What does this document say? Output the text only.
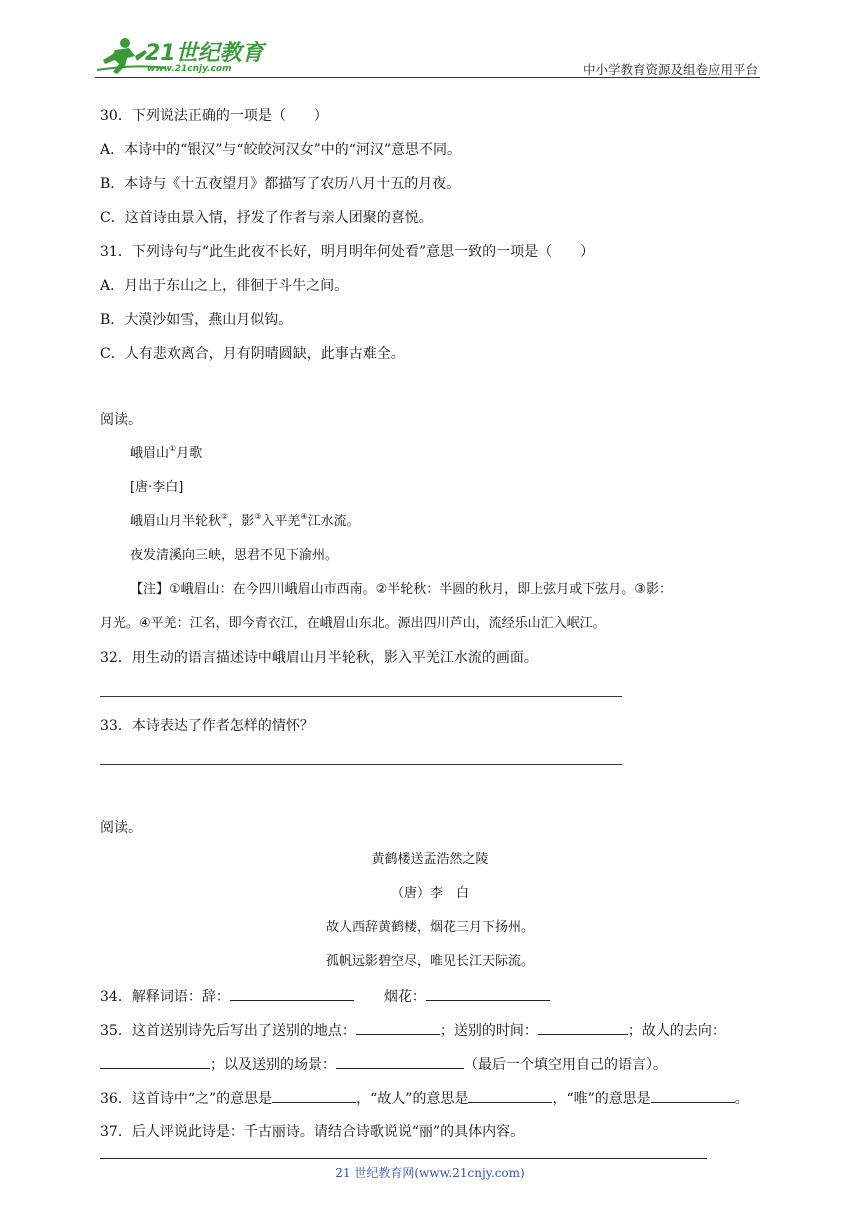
21世纪教育
www.21cnjy.com	中小学教育资源及组卷应用平台
30．下列说法正确的一项是（　　）
A．本诗中的“银汉”与“皎皎河汉女”中的“河汉”意思不同。
B．本诗与《十五夜望月》都描写了农历八月十五的月夜。
C．这首诗由景入情，抒发了作者与亲人团聚的喜悦。
31．下列诗句与“此生此夜不长好，明月明年何处看”意思一致的一项是（　　）
A．月出于东山之上，徘徊于斗牛之间。
B．大漠沙如雪，燕山月似钩。
C．人有悲欢离合，月有阴晴圆缺，此事古难全。
阅读。
峨眉山①月歌
[唐·李白]
峨眉山月半轮秋②，影③入平羌④江水流。
夜发清溪向三峡，思君不见下渝州。
【注】①峨眉山：在今四川峨眉山市西南。②半轮秋：半圆的秋月，即上弦月或下弦月。③影：
月光。④平羌：江名，即今青衣江，在峨眉山东北。源出四川芦山，流经乐山汇入岷江。
32．用生动的语言描述诗中峨眉山月半轮秋，影入平羌江水流的画面。
33．本诗表达了作者怎样的情怀？
阅读。
黄鹤楼送孟浩然之陵
（唐）李　白
故人西辞黄鹤楼，烟花三月下扬州。
孤帆远影碧空尽，唯见长江天际流。
34．解释词语：辞：	烟花：
35．这首送别诗先后写出了送别的地点：	；送别的时间：	；故人的去向：
；以及送别的场景：	（最后一个填空用自己的语言）。
36．这首诗中“之”的意思是	，“故人”的意思是	，“唯”的意思是	。
37．后人评说此诗是：千古丽诗。请结合诗歌说说“丽”的具体内容。
21 世纪教育网(www.21cnjy.com)
